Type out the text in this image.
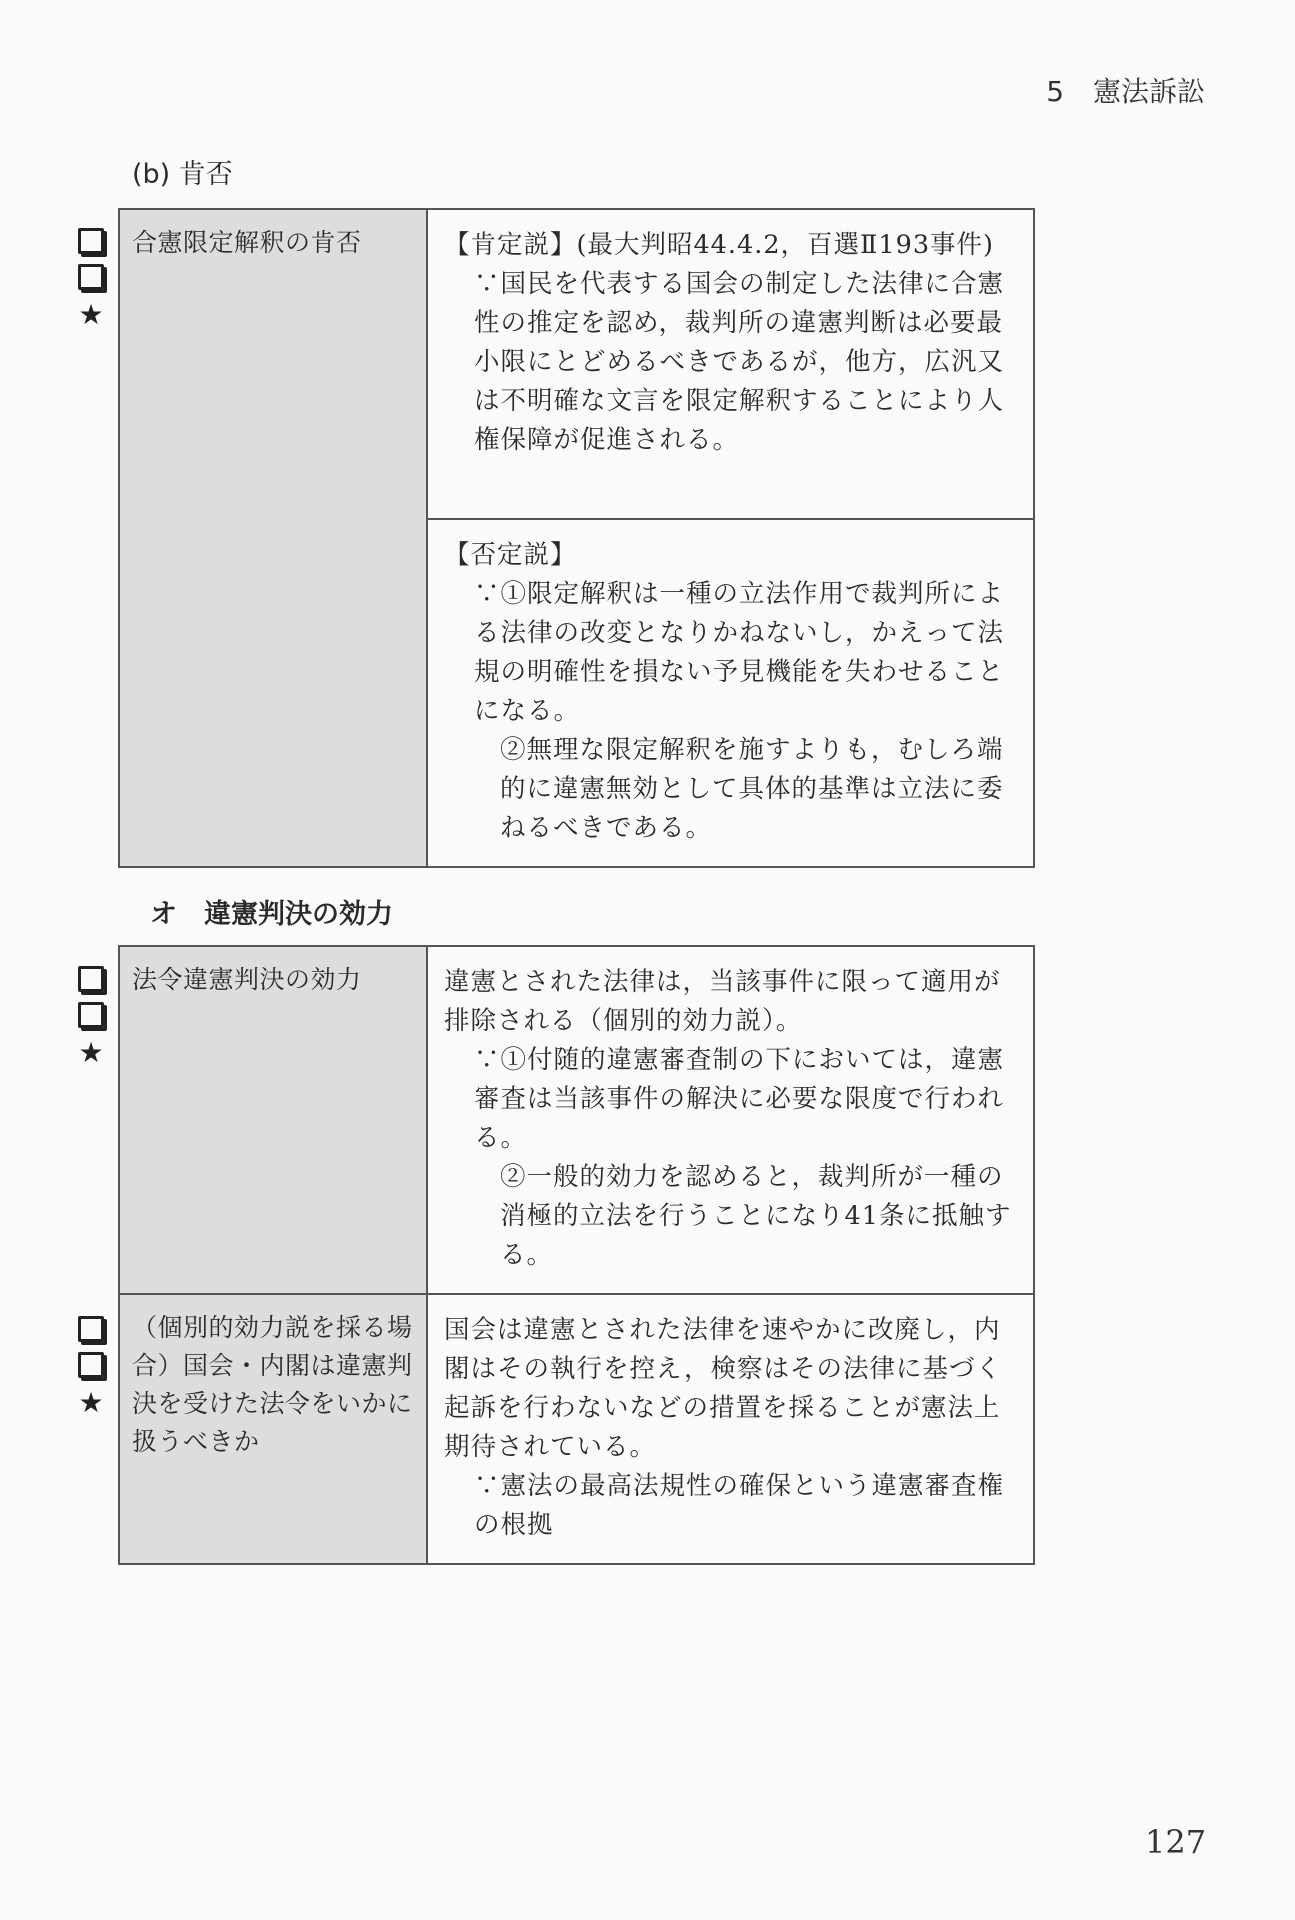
5 憲法訴訟
(b) 肯否
★
合憲限定解釈の肯否	【肯定説】(最大判昭44.4.2，百選Ⅱ193事件)
∵国民を代表する国会の制定した法律に合憲性の推定を認め，裁判所の違憲判断は必要最小限にとどめるべきであるが，他方，広汎又は不明確な文言を限定解釈することにより人権保障が促進される。

【否定説】
∵①限定解釈は一種の立法作用で裁判所による法律の改変となりかねないし，かえって法規の明確性を損ない予見機能を失わせることになる。
②無理な限定解釈を施すよりも，むしろ端的に違憲無効として具体的基準は立法に委ねるべきである。
オ　違憲判決の効力
★
★
法令違憲判決の効力	違憲とされた法律は，当該事件に限って適用が排除される（個別的効力説）。
∵①付随的違憲審査制の下においては，違憲審査は当該事件の解決に必要な限度で行われる。
②一般的効力を認めると，裁判所が一種の消極的立法を行うことになり41条に抵触する。

（個別的効力説を採る場合）国会・内閣は違憲判決を受けた法令をいかに扱うべきか	国会は違憲とされた法律を速やかに改廃し，内閣はその執行を控え，検察はその法律に基づく起訴を行わないなどの措置を採ることが憲法上期待されている。
∵憲法の最高法規性の確保という違憲審査権の根拠
127
